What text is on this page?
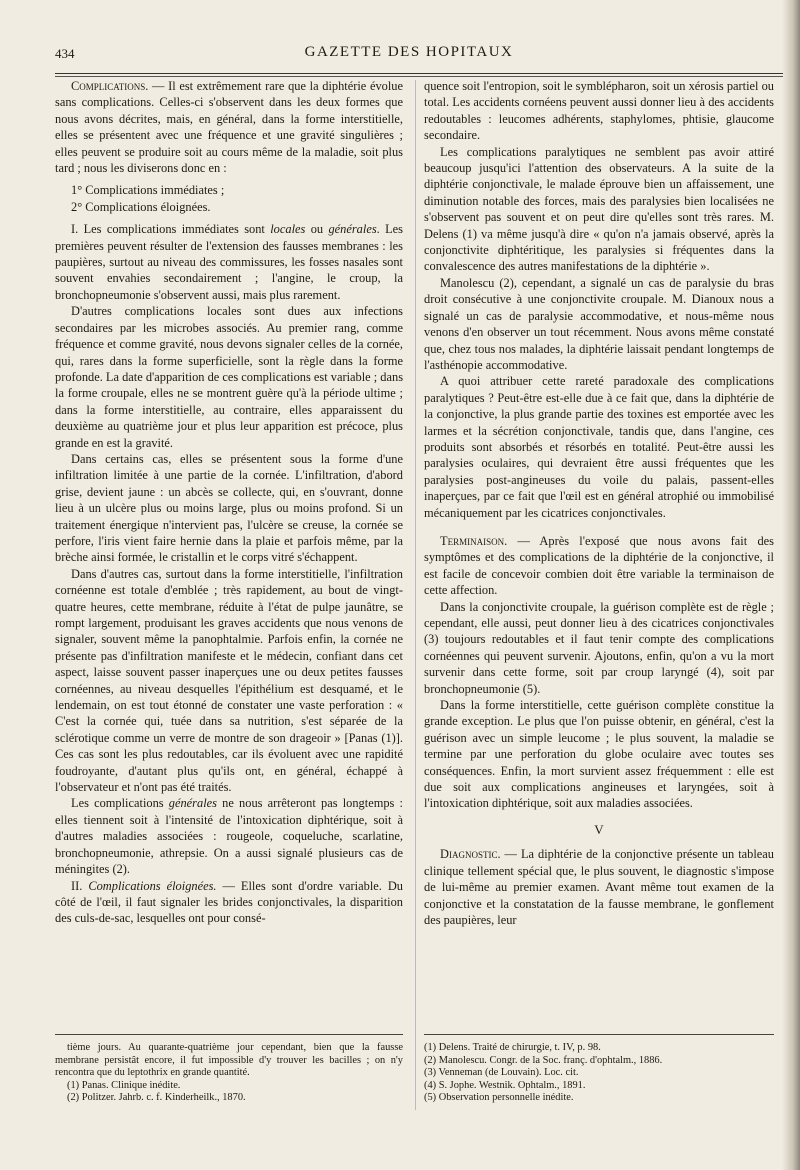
434	GAZETTE DES HOPITAUX

Complications. — Il est extrêmement rare que la diphtérie évolue sans complications. Celles-ci s'observent dans les deux formes que nous avons décrites, mais, en général, dans la forme interstitielle, elles se présentent avec une fréquence et une gravité singulières ; elles peuvent se produire soit au cours même de la maladie, soit plus tard ; nous les diviserons donc en :

1° Complications immédiates ;

2° Complications éloignées.

I. Les complications immédiates sont locales ou générales. Les premières peuvent résulter de l'extension des fausses membranes : les paupières, surtout au niveau des commissures, les fosses nasales sont souvent envahies secondairement ; l'angine, le croup, la bronchopneumonie s'observent aussi, mais plus rarement.

D'autres complications locales sont dues aux infections secondaires par les microbes associés. Au premier rang, comme fréquence et comme gravité, nous devons signaler celles de la cornée, qui, rares dans la forme superficielle, sont la règle dans la forme profonde. La date d'apparition de ces complications est variable ; dans la forme croupale, elles ne se montrent guère qu'à la période ultime ; dans la forme interstitielle, au contraire, elles apparaissent du deuxième au quatrième jour et plus leur apparition est précoce, plus grande en est la gravité.

Dans certains cas, elles se présentent sous la forme d'une infiltration limitée à une partie de la cornée. L'infiltration, d'abord grise, devient jaune : un abcès se collecte, qui, en s'ouvrant, donne lieu à un ulcère plus ou moins large, plus ou moins profond. Si un traitement énergique n'intervient pas, l'ulcère se creuse, la cornée se perfore, l'iris vient faire hernie dans la plaie et parfois même, par la brèche ainsi formée, le cristallin et le corps vitré s'échappent.

Dans d'autres cas, surtout dans la forme interstitielle, l'infiltration cornéenne est totale d'emblée ; très rapidement, au bout de vingt-quatre heures, cette membrane, réduite à l'état de pulpe jaunâtre, se rompt largement, produisant les graves accidents que nous venons de signaler, souvent même la panophtalmie. Parfois enfin, la cornée ne présente pas d'infiltration manifeste et le médecin, confiant dans cet aspect, laisse souvent passer inaperçues une ou deux petites fausses cornéennes, au niveau desquelles l'épithélium est desquamé, et le lendemain, on est tout étonné de constater une vaste perforation : « C'est la cornée qui, tuée dans sa nutrition, s'est séparée de la sclérotique comme un verre de montre de son drageoir » [Panas (1)]. Ces cas sont les plus redoutables, car ils évoluent avec une rapidité foudroyante, d'autant plus qu'ils ont, en général, échappé à l'observateur et n'ont pas été traités.

Les complications générales ne nous arrêteront pas longtemps : elles tiennent soit à l'intensité de l'intoxication diphtérique, soit à d'autres maladies associées : rougeole, coqueluche, scarlatine, bronchopneumonie, athrepsie. On a aussi signalé plusieurs cas de méningites (2).

II. Complications éloignées. — Elles sont d'ordre variable. Du côté de l'œil, il faut signaler les brides conjonctivales, la disparition des culs-de-sac, lesquelles ont pour consé-

quence soit l'entropion, soit le symblépharon, soit un xérosis partiel ou total. Les accidents cornéens peuvent aussi donner lieu à des accidents redoutables : leucomes adhérents, staphylomes, phtisie, glaucome secondaire.

Les complications paralytiques ne semblent pas avoir attiré beaucoup jusqu'ici l'attention des observateurs. A la suite de la diphtérie conjonctivale, le malade éprouve bien un affaissement, une diminution notable des forces, mais des paralysies bien localisées ne s'observent pas souvent et on peut dire qu'elles sont très rares. M. Delens (1) va même jusqu'à dire « qu'on n'a jamais observé, après la conjonctivite diphtéritique, les paralysies si fréquentes dans la convalescence des autres manifestations de la diphtérie ».

Manolescu (2), cependant, a signalé un cas de paralysie du bras droit consécutive à une conjonctivite croupale. M. Dianoux nous a signalé un cas de paralysie accommodative, et nous-même nous venons d'en observer un tout récemment. Nous avons même constaté que, chez tous nos malades, la diphtérie laissait pendant longtemps de l'asthénopie accommodative.

A quoi attribuer cette rareté paradoxale des complications paralytiques ? Peut-être est-elle due à ce fait que, dans la diphtérie de la conjonctive, la plus grande partie des toxines est emportée avec les larmes et la sécrétion conjonctivale, tandis que, dans l'angine, ces produits sont absorbés et résorbés en totalité. Peut-être aussi les paralysies oculaires, qui devraient être aussi fréquentes que les paralysies post-angineuses du voile du palais, passent-elles inaperçues, par ce fait que l'œil est en général atrophié ou immobilisé mécaniquement par les cicatrices conjonctivales.

Terminaison. — Après l'exposé que nous avons fait des symptômes et des complications de la diphtérie de la conjonctive, il est facile de concevoir combien doit être variable la terminaison de cette affection.

Dans la conjonctivite croupale, la guérison complète est de règle ; cependant, elle aussi, peut donner lieu à des cicatrices conjonctivales (3) toujours redoutables et il faut tenir compte des complications cornéennes qui peuvent survenir. Ajoutons, enfin, qu'on a vu la mort survenir dans cette forme, soit par croup laryngé (4), soit par bronchopneumonie (5).

Dans la forme interstitielle, cette guérison complète constitue la grande exception. Le plus que l'on puisse obtenir, en général, c'est la guérison avec un simple leucome ; le plus souvent, la maladie se termine par une perforation du globe oculaire avec toutes ses conséquences. Enfin, la mort survient assez fréquemment : elle est due soit aux complications angineuses et laryngées, soit à l'intoxication diphtérique, soit aux maladies associées.

V

Diagnostic. — La diphtérie de la conjonctive présente un tableau clinique tellement spécial que, le plus souvent, le diagnostic s'impose de lui-même au premier examen. Avant même tout examen de la conjonctive et la constatation de la fausse membrane, le gonflement des paupières, leur

tième jours. Au quarante-quatrième jour cependant, bien que la fausse membrane persistât encore, il fut impossible d'y trouver les bacilles ; on n'y rencontra que du leptothrix en grande quantité.

(1) Panas. Clinique inédite.

(2) Politzer. Jahrb. c. f. Kinderheilk., 1870.

(1) Delens. Traité de chirurgie, t. IV, p. 98.

(2) Manolescu. Congr. de la Soc. franç. d'ophtalm., 1886.

(3) Venneman (de Louvain). Loc. cit.

(4) S. Jophe. Westnik. Ophtalm., 1891.

(5) Observation personnelle inédite.
